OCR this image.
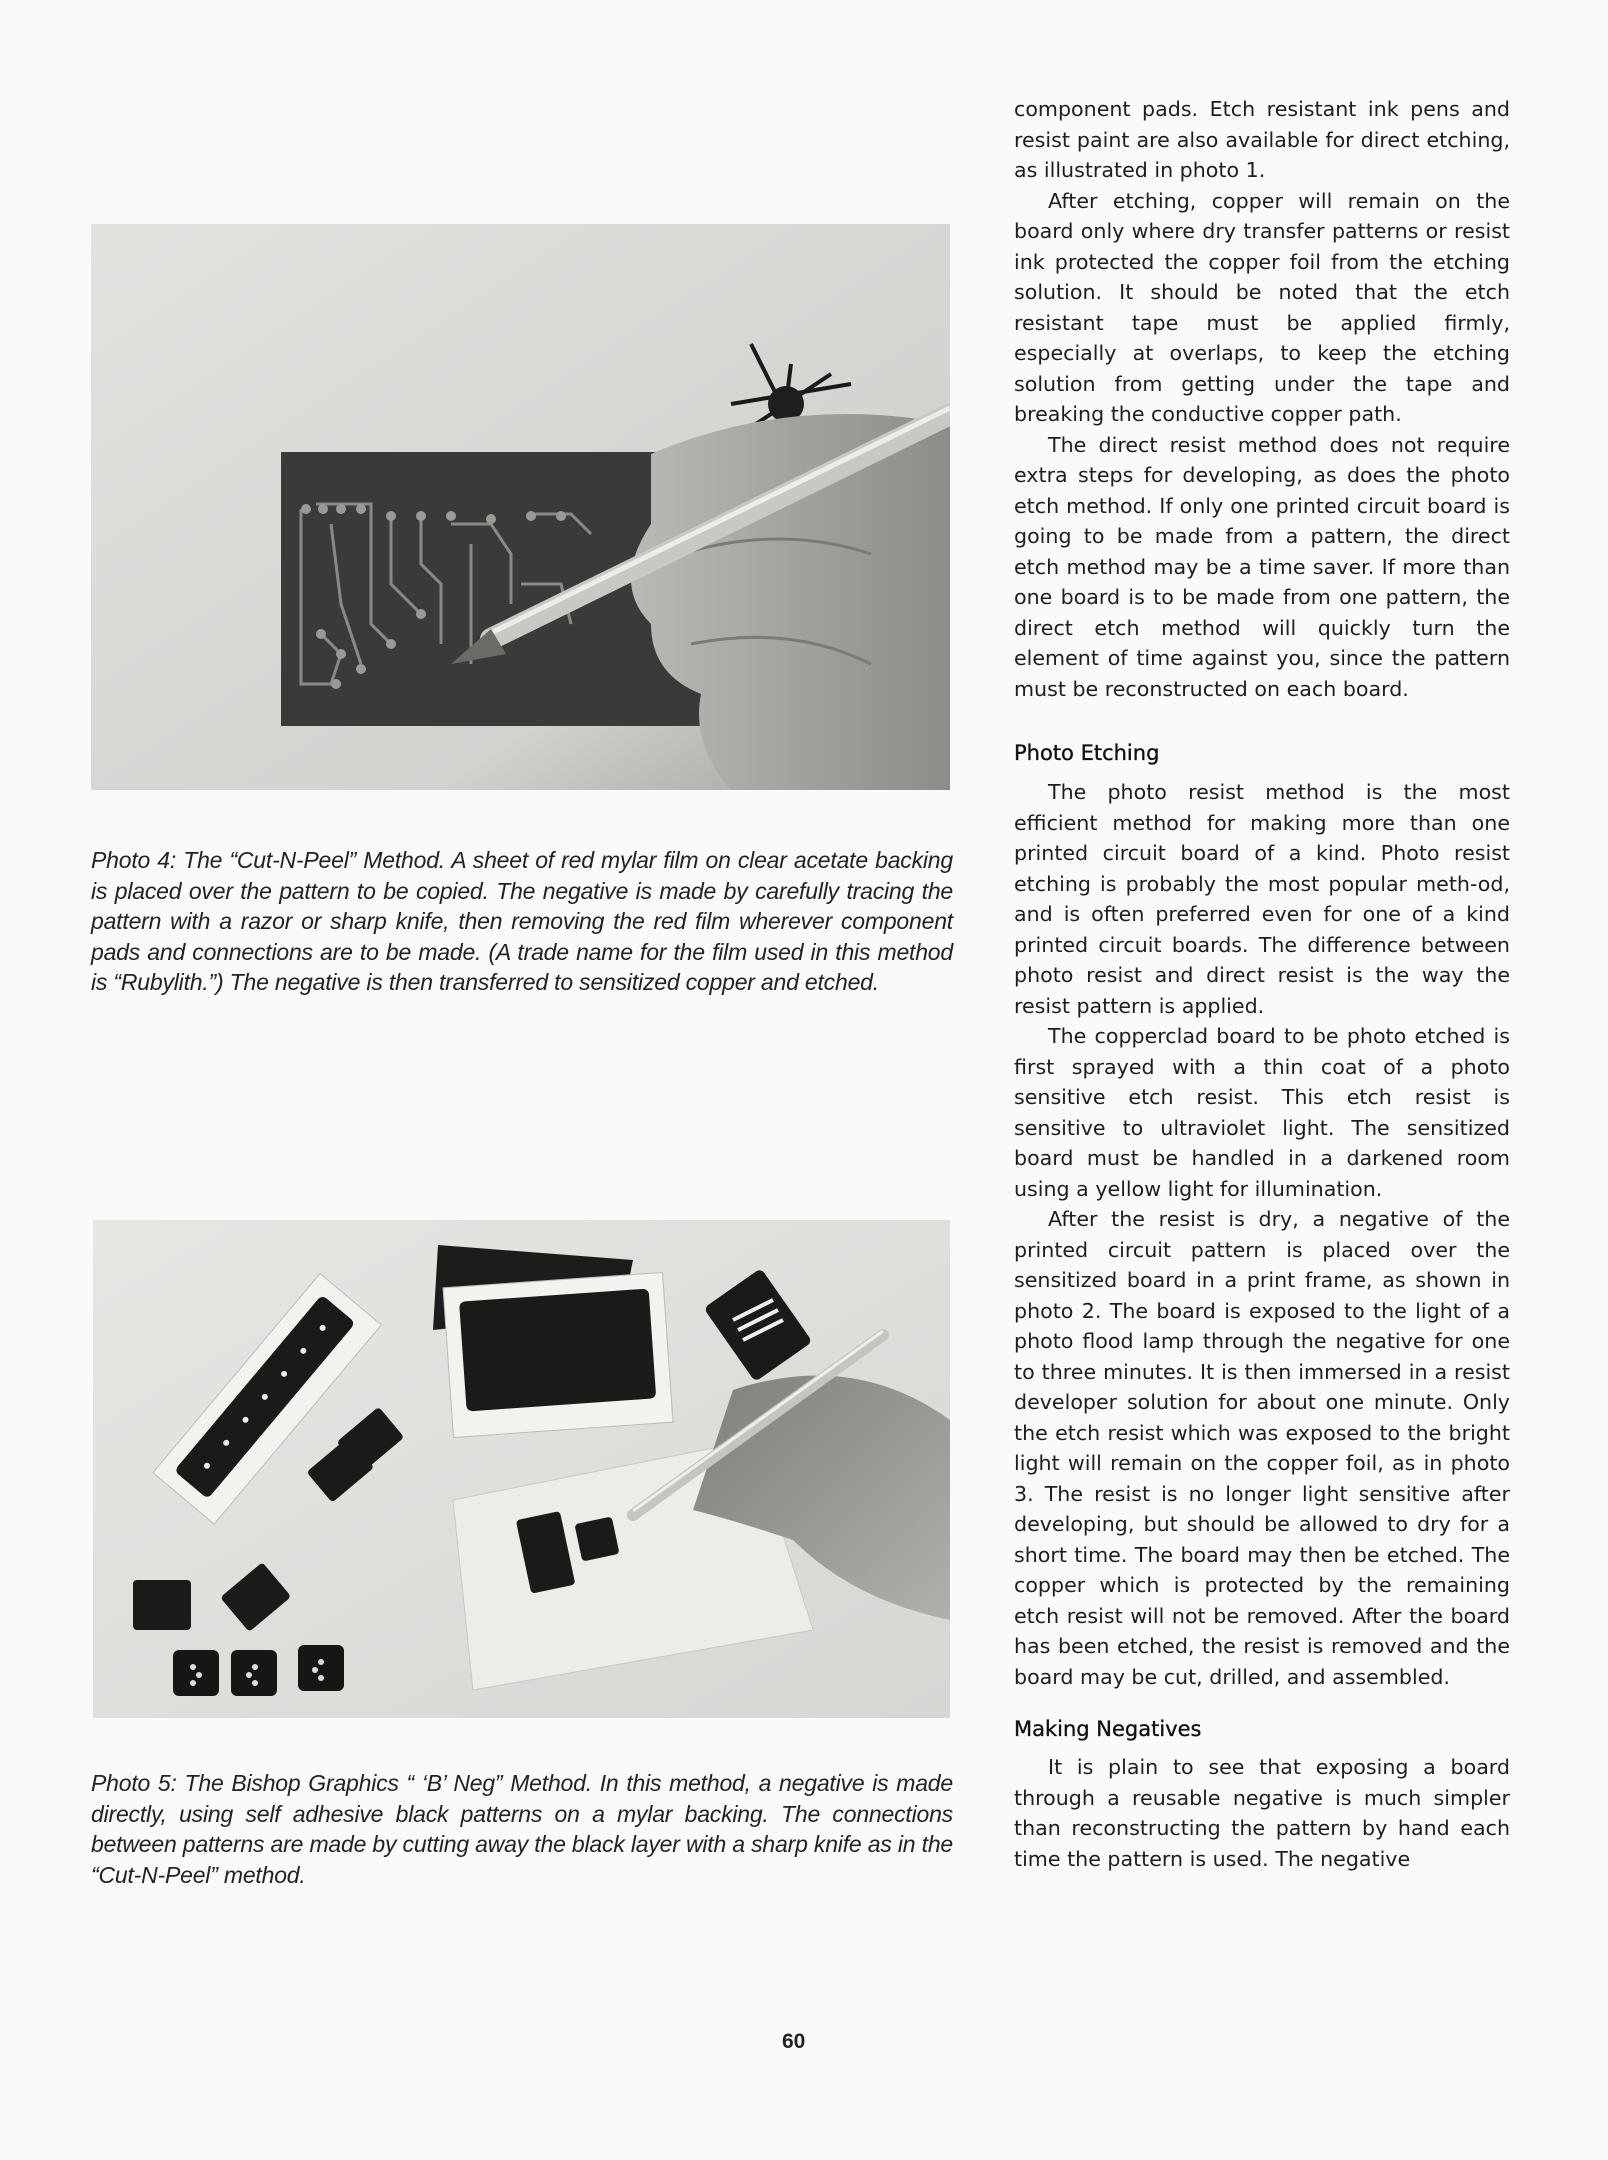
Photo 4: The “Cut-N-Peel” Method. A sheet of red mylar film on clear acetate backing is placed over the pattern to be copied. The negative is made by carefully tracing the pattern with a razor or sharp knife, then removing the red film wherever component pads and connections are to be made. (A trade name for the film used in this method is “Rubylith.”) The negative is then transferred to sensitized copper and etched.
Photo 5: The Bishop Graphics “ ‘B’ Neg” Method. In this method, a negative is made directly, using self adhesive black patterns on a mylar backing. The connections between patterns are made by cutting away the black layer with a sharp knife as in the “Cut-N-Peel” method.

component pads. Etch resistant ink pens and resist paint are also available for direct etching, as illustrated in photo 1.

After etching, copper will remain on the board only where dry transfer patterns or resist ink protected the copper foil from the etching solution. It should be noted that the etch resistant tape must be applied firmly, especially at overlaps, to keep the etching solution from getting under the tape and breaking the conductive copper path.

The direct resist method does not require extra steps for developing, as does the photo etch method. If only one printed circuit board is going to be made from a pattern, the direct etch method may be a time saver. If more than one board is to be made from one pattern, the direct etch method will quickly turn the element of time against you, since the pattern must be reconstructed on each board.

Photo Etching

The photo resist method is the most efficient method for making more than one printed circuit board of a kind. Photo resist etching is probably the most popular meth-od, and is often preferred even for one of a kind printed circuit boards. The difference between photo resist and direct resist is the way the resist pattern is applied.

The copperclad board to be photo etched is first sprayed with a thin coat of a photo sensitive etch resist. This etch resist is sensitive to ultraviolet light. The sensitized board must be handled in a darkened room using a yellow light for illumination.

After the resist is dry, a negative of the printed circuit pattern is placed over the sensitized board in a print frame, as shown in photo 2. The board is exposed to the light of a photo flood lamp through the negative for one to three minutes. It is then immersed in a resist developer solution for about one minute. Only the etch resist which was exposed to the bright light will remain on the copper foil, as in photo 3. The resist is no longer light sensitive after developing, but should be allowed to dry for a short time. The board may then be etched. The copper which is protected by the remaining etch resist will not be removed. After the board has been etched, the resist is removed and the board may be cut, drilled, and assembled.

Making Negatives

It is plain to see that exposing a board through a reusable negative is much simpler than reconstructing the pattern by hand each time the pattern is used. The negative

60
